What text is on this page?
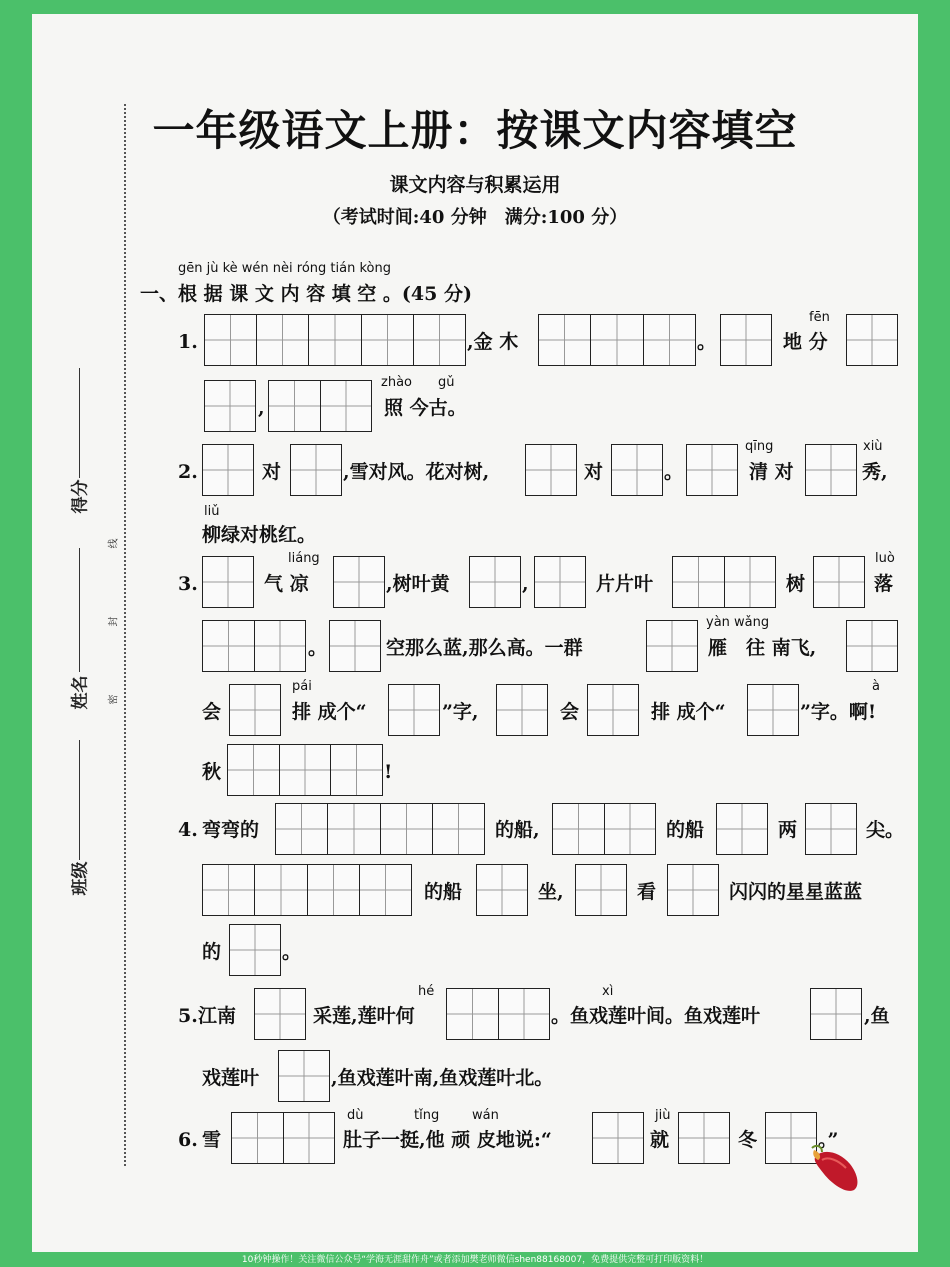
一年级语文上册：按课文内容填空
课文内容与积累运用
（考试时间:40 分钟　满分:100 分）
得分
姓名
班级
线
封
密
gēn jù kè wén nèi róng tián kòng
一、根 据 课 文 内 容 填 空 。(45 分)
1.	,金 木	。
fēn
地 分
,
zhào gǔ
照 今古。
2.	对	,雪对风。花对树,	对	。
qīng
清 对
xiù
秀,
liǔ
柳绿对桃红。
3.
liáng
气 凉	,树叶黄	,	片片叶	树
luò
落
。	空那么蓝,那么高。一群
yàn wǎng
雁　往 南飞,
会
pái
排 成个“	”字,	会	排 成个“
à
”字。啊!
秋	!
4. 弯弯的	的船,	的船	两	尖。
的船	坐,	看	闪闪的星星蓝蓝
的	。
5. 江南	采莲,莲叶何
hé	xì
。鱼戏莲叶间。鱼戏莲叶	,鱼
戏莲叶	,鱼戏莲叶南,鱼戏莲叶北。
6. 雪
dù	tǐng	wán
肚子一挺,他 顽 皮地说:“
jiù
就	冬	。”
10秒钟操作！关注微信公众号“学海无涯甜作舟”或者添加樊老师微信shen88168007，免费提供完整可打印版资料！
